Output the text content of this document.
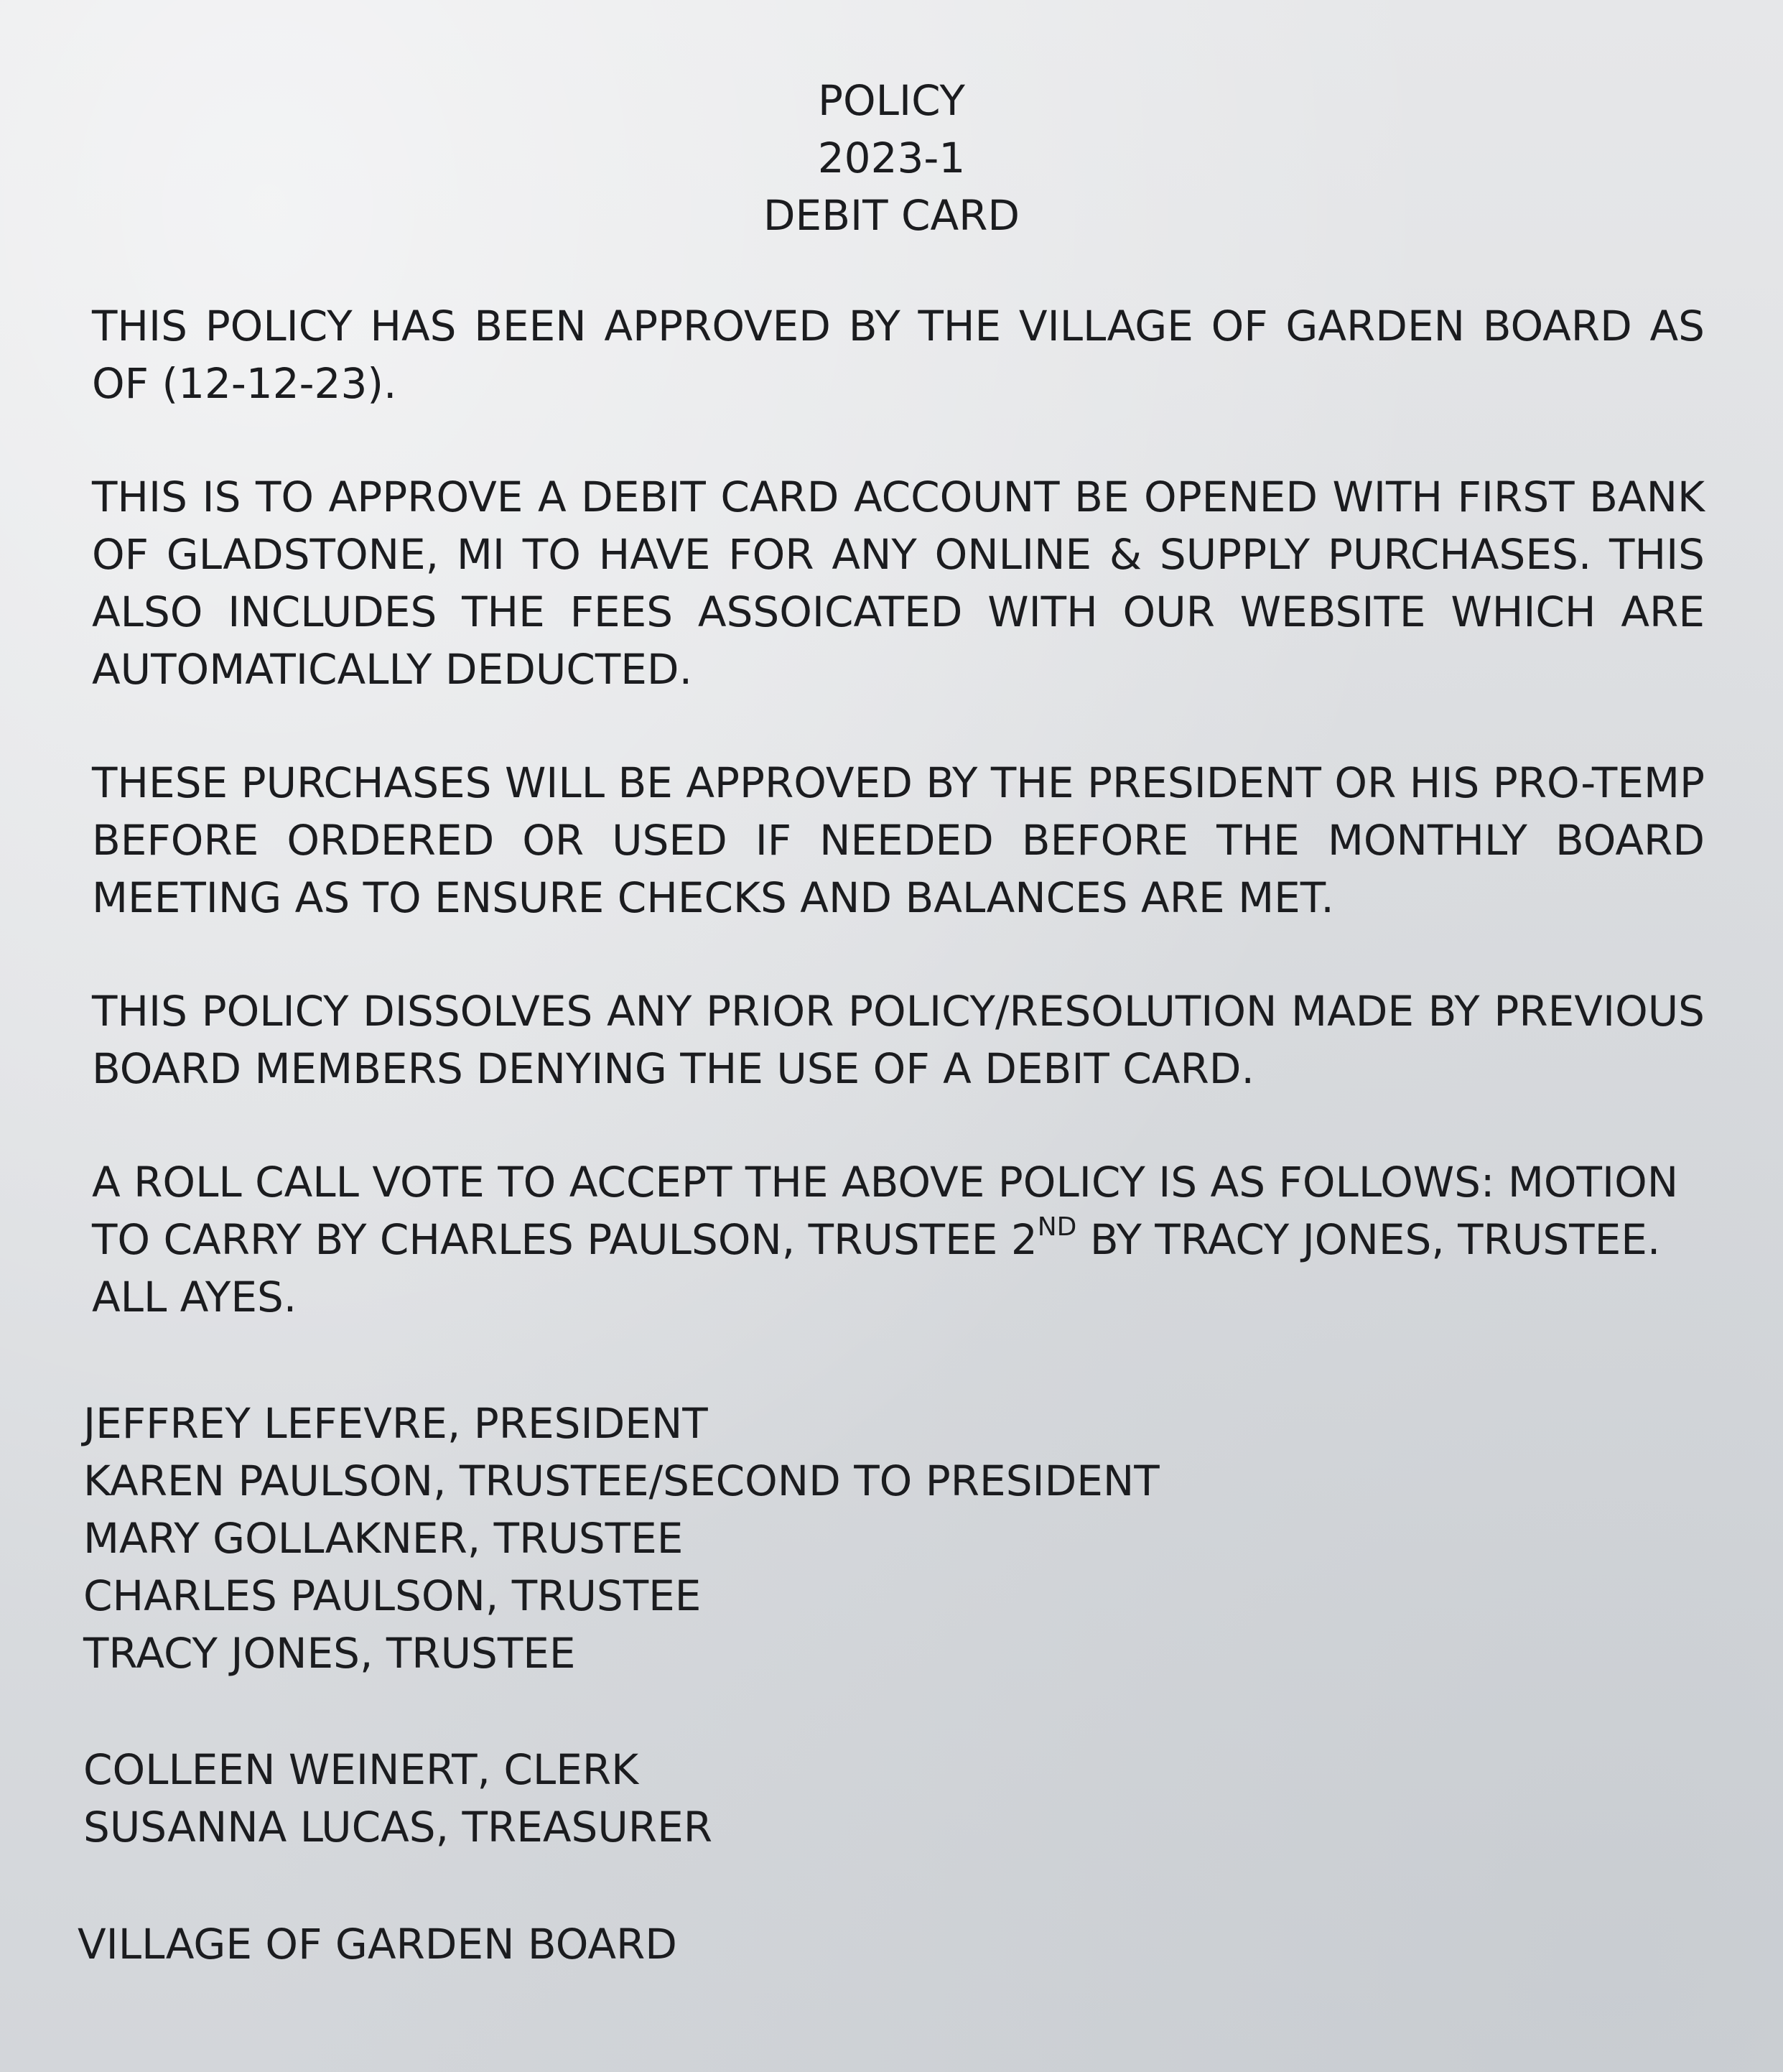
POLICY
2023-1
DEBIT CARD

THIS POLICY HAS BEEN APPROVED BY THE VILLAGE OF GARDEN BOARD AS OF (12-12-23).

THIS IS TO APPROVE A DEBIT CARD ACCOUNT BE OPENED WITH FIRST BANK OF GLADSTONE, MI TO HAVE FOR ANY ONLINE & SUPPLY PURCHASES. THIS ALSO INCLUDES THE FEES ASSOICATED WITH OUR WEBSITE WHICH ARE AUTOMATICALLY DEDUCTED.

THESE PURCHASES WILL BE APPROVED BY THE PRESIDENT OR HIS PRO-TEMP BEFORE ORDERED OR USED IF NEEDED BEFORE THE MONTHLY BOARD MEETING AS TO ENSURE CHECKS AND BALANCES ARE MET.

THIS POLICY DISSOLVES ANY PRIOR POLICY/RESOLUTION MADE BY PREVIOUS BOARD MEMBERS DENYING THE USE OF A DEBIT CARD.

A ROLL CALL VOTE TO ACCEPT THE ABOVE POLICY IS AS FOLLOWS: MOTION TO CARRY BY CHARLES PAULSON, TRUSTEE 2ND BY TRACY JONES, TRUSTEE. ALL AYES.

JEFFREY LEFEVRE, PRESIDENT
KAREN PAULSON, TRUSTEE/SECOND TO PRESIDENT
MARY GOLLAKNER, TRUSTEE
CHARLES PAULSON, TRUSTEE
TRACY JONES, TRUSTEE
COLLEEN WEINERT, CLERK
SUSANNA LUCAS, TREASURER
VILLAGE OF GARDEN BOARD
